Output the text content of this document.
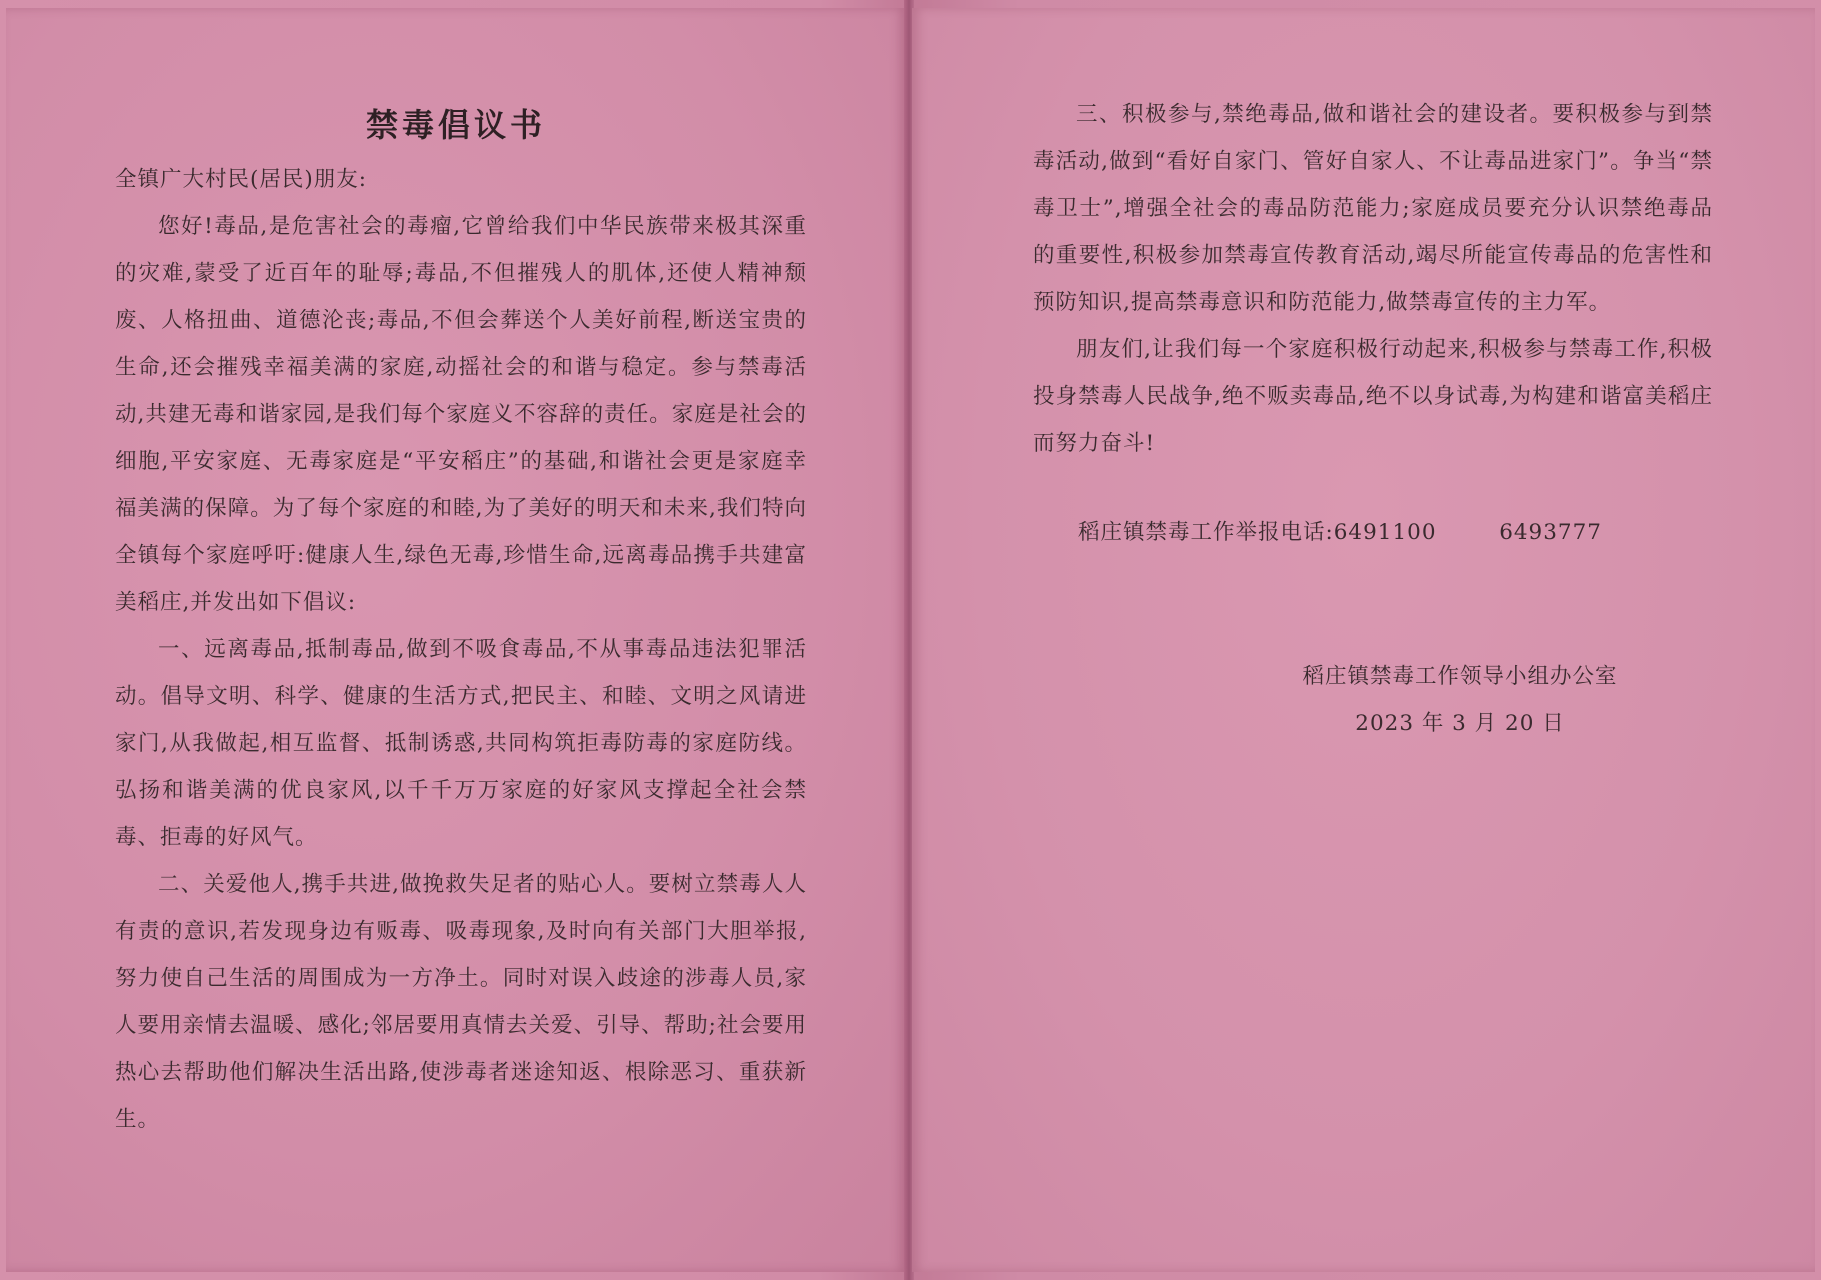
禁毒倡议书

全镇广大村民(居民)朋友:

您好!毒品,是危害社会的毒瘤,它曾给我们中华民族带来极其深重的灾难,蒙受了近百年的耻辱;毒品,不但摧残人的肌体,还使人精神颓废、人格扭曲、道德沦丧;毒品,不但会葬送个人美好前程,断送宝贵的生命,还会摧残幸福美满的家庭,动摇社会的和谐与稳定。参与禁毒活动,共建无毒和谐家园,是我们每个家庭义不容辞的责任。家庭是社会的细胞,平安家庭、无毒家庭是“平安稻庄”的基础,和谐社会更是家庭幸福美满的保障。为了每个家庭的和睦,为了美好的明天和未来,我们特向全镇每个家庭呼吁:健康人生,绿色无毒,珍惜生命,远离毒品携手共建富美稻庄,并发出如下倡议:

一、远离毒品,抵制毒品,做到不吸食毒品,不从事毒品违法犯罪活动。倡导文明、科学、健康的生活方式,把民主、和睦、文明之风请进家门,从我做起,相互监督、抵制诱惑,共同构筑拒毒防毒的家庭防线。弘扬和谐美满的优良家风,以千千万万家庭的好家风支撑起全社会禁毒、拒毒的好风气。

二、关爱他人,携手共进,做挽救失足者的贴心人。要树立禁毒人人有责的意识,若发现身边有贩毒、吸毒现象,及时向有关部门大胆举报,努力使自己生活的周围成为一方净土。同时对误入歧途的涉毒人员,家人要用亲情去温暖、感化;邻居要用真情去关爱、引导、帮助;社会要用热心去帮助他们解决生活出路,使涉毒者迷途知返、根除恶习、重获新生。

三、积极参与,禁绝毒品,做和谐社会的建设者。要积极参与到禁毒活动,做到“看好自家门、管好自家人、不让毒品进家门”。争当“禁毒卫士”,增强全社会的毒品防范能力;家庭成员要充分认识禁绝毒品的重要性,积极参加禁毒宣传教育活动,竭尽所能宣传毒品的危害性和预防知识,提高禁毒意识和防范能力,做禁毒宣传的主力军。

朋友们,让我们每一个家庭积极行动起来,积极参与禁毒工作,积极投身禁毒人民战争,绝不贩卖毒品,绝不以身试毒,为构建和谐富美稻庄而努力奋斗!

稻庄镇禁毒工作举报电话:6491100	6493777
稻庄镇禁毒工作领导小组办公室
2023 年 3 月 20 日
